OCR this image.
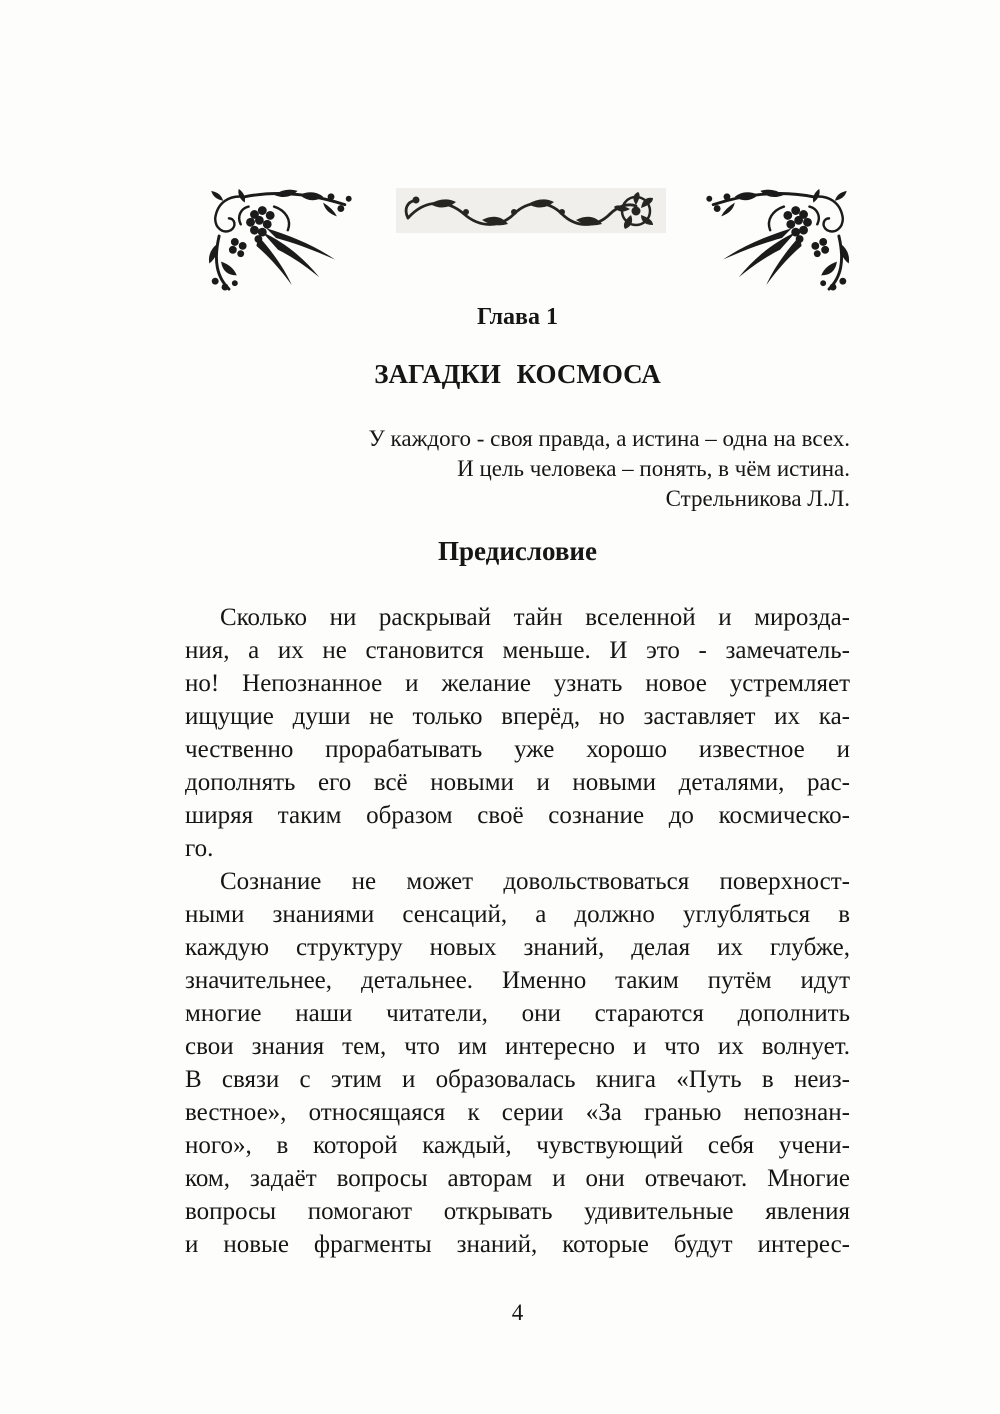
Глава 1
ЗАГАДКИ КОСМОСА
У каждого - своя правда, а истина – одна на всех.
И цель человека – понять, в чём истина.
Стрельникова Л.Л.
Предисловие
Сколько ни раскрывай тайн вселенной и мирозда-
ния, а их не становится меньше. И это - замечатель-
но! Непознанное и желание узнать новое устремляет
ищущие души не только вперёд, но заставляет их ка-
чественно прорабатывать уже хорошо известное и
дополнять его всё новыми и новыми деталями, рас-
ширяя таким образом своё сознание до космическо-
го.
Сознание не может довольствоваться поверхност-
ными знаниями сенсаций, а должно углубляться в
каждую структуру новых знаний, делая их глубже,
значительнее, детальнее. Именно таким путём идут
многие наши читатели, они стараются дополнить
свои знания тем, что им интересно и что их волнует.
В связи с этим и образовалась книга «Путь в неиз-
вестное», относящаяся к серии «За гранью непознан-
ного», в которой каждый, чувствующий себя учени-
ком, задаёт вопросы авторам и они отвечают. Многие
вопросы помогают открывать удивительные явления
и новые фрагменты знаний, которые будут интерес-
4
